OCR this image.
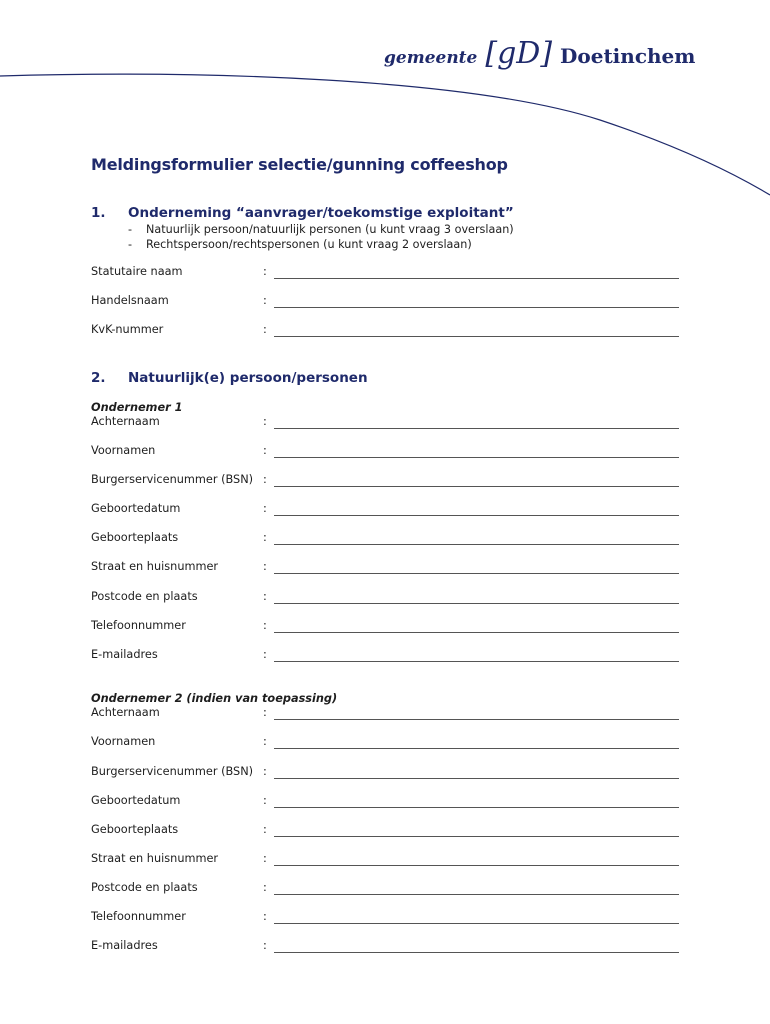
gemeente [gD] Doetinchem
Meldingsformulier selectie/gunning coffeeshop
1. Onderneming “aanvrager/toekomstige exploitant”
- Natuurlijk persoon/natuurlijk personen (u kunt vraag 3 overslaan)
- Rechtspersoon/rechtspersonen (u kunt vraag 2 overslaan)
Statutaire naam	:
Handelsnaam	:
KvK-nummer	:
2. Natuurlijk(e) persoon/personen
Ondernemer 1
Achternaam	:
Voornamen	:
Burgerservicenummer (BSN) :
Geboortedatum	:
Geboorteplaats	:
Straat en huisnummer	:
Postcode en plaats	:
Telefoonnummer	:
E-mailadres	:
Ondernemer 2 (indien van toepassing)
Achternaam	:
Voornamen	:
Burgerservicenummer (BSN) :
Geboortedatum	:
Geboorteplaats	:
Straat en huisnummer	:
Postcode en plaats	:
Telefoonnummer	:
E-mailadres	:
